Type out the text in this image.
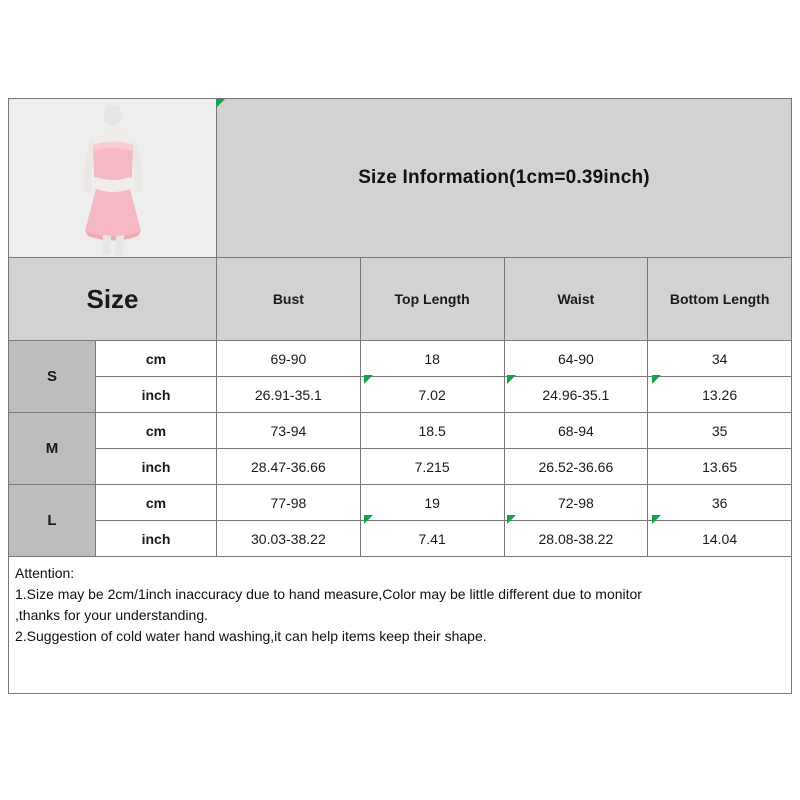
Size Information(1cm=0.39inch)
Size	Bust	Top Length	Waist	Bottom Length
S
cm	69-90	18	64-90	34
inch	26.91-35.1	7.02	24.96-35.1	13.26
M
cm	73-94	18.5	68-94	35
inch	28.47-36.66	7.215	26.52-36.66	13.65
L
cm	77-98	19	72-98	36
inch	30.03-38.22	7.41	28.08-38.22	14.04
Attention:
1.Size may be 2cm/1inch inaccuracy due to hand measure,Color may be little different due to monitor
,thanks for your understanding.
2.Suggestion of cold water hand washing,it can help items keep their shape.
